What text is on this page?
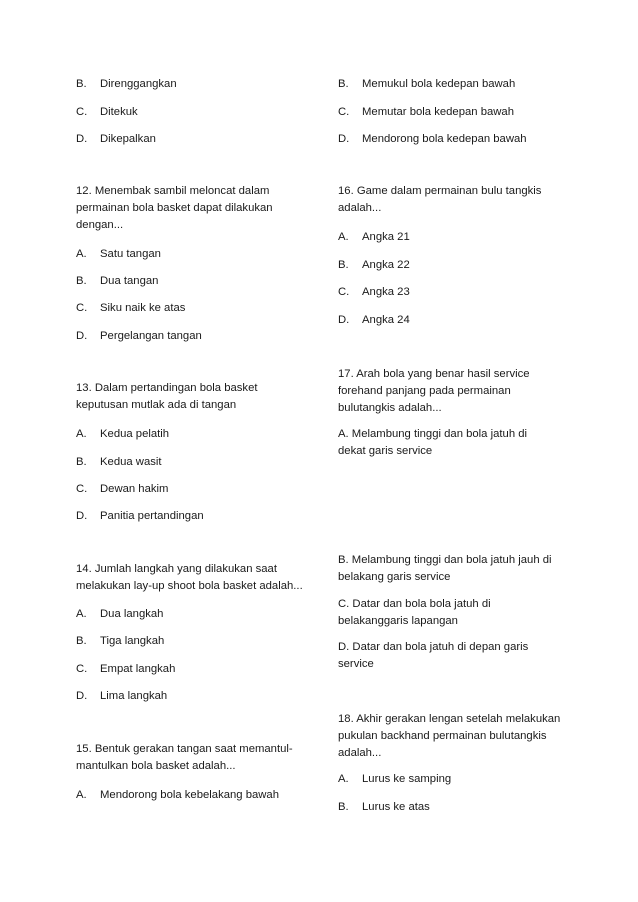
B. Direnggangkan
C. Ditekuk
D. Dikepalkan
12. Menembak sambil meloncat dalam
permainan bola basket dapat dilakukan
dengan...
A. Satu tangan
B. Dua tangan
C. Siku naik ke atas
D. Pergelangan tangan
13. Dalam pertandingan bola basket
keputusan mutlak ada di tangan
A. Kedua pelatih
B. Kedua wasit
C. Dewan hakim
D. Panitia pertandingan
14. Jumlah langkah yang dilakukan saat
melakukan lay-up shoot bola basket adalah...
A. Dua langkah
B. Tiga langkah
C. Empat langkah
D. Lima langkah
15. Bentuk gerakan tangan saat memantul-
mantulkan bola basket adalah...
A. Mendorong bola kebelakang bawah
B. Memukul bola kedepan bawah
C. Memutar bola kedepan bawah
D. Mendorong bola kedepan bawah
16. Game dalam permainan bulu tangkis
adalah...
A. Angka 21
B. Angka 22
C. Angka 23
D. Angka 24
17. Arah bola yang benar hasil service
forehand panjang pada permainan
bulutangkis adalah...
A. Melambung tinggi dan bola jatuh di
dekat garis service
B. Melambung tinggi dan bola jatuh jauh di
belakang garis service
C. Datar dan bola bola jatuh di
belakanggaris lapangan
D. Datar dan bola jatuh di depan garis
service
18. Akhir gerakan lengan setelah melakukan
pukulan backhand permainan bulutangkis
adalah...
A. Lurus ke samping
B. Lurus ke atas
